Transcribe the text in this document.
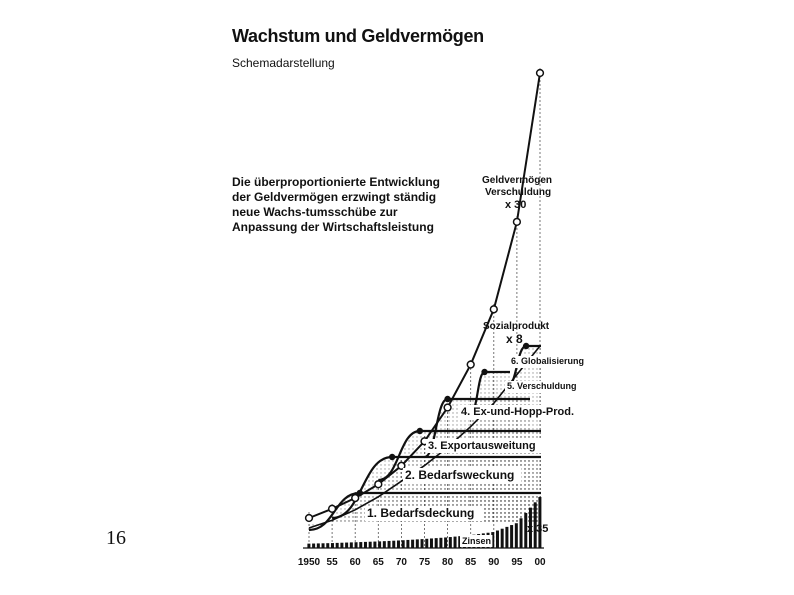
Wachstum und Geldvermögen
Schemadarstellung
Die überproportionierte Entwicklung der Geldvermögen erzwingt ständig neue Wachs-tumsschübe zur Anpassung der Wirtschaftsleistung
16
1950 55 60 65 70 75 80 85 90 95 00
1. Bedarfsdeckung
2. Bedarfsweckung
3. Exportausweitung
4. Ex-und-Hopp-Prod.
5. Verschuldung
6. Globalisierung
Geldvermögen
Verschuldung
x 30
Sozialprodukt
x 8
Zinsen
x 35
